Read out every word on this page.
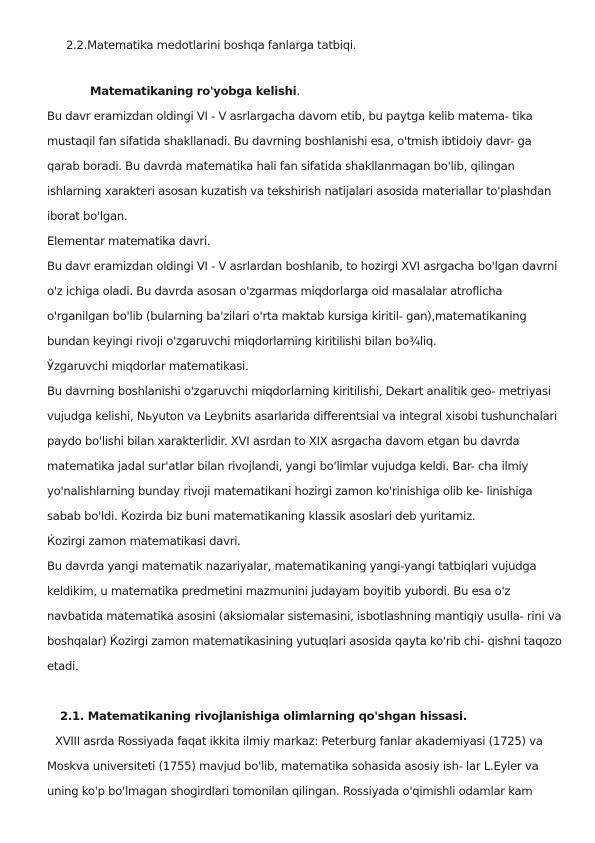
2.2.Matematika medotlarini boshqa fanlarga tatbiqi.
Matematikaning ro'yobga kelishi.
Bu davr eramizdan oldingi VI - V asrlargacha davom etib, bu paytga kelib matema- tika
mustaqil fan sifatida shakllanadi. Bu davrning boshlanishi esa, o'tmish ibtidoiy davr- ga
qarab boradi. Bu davrda matematika hali fan sifatida shakllanmagan bo'lib, qilingan
ishlarning xarakteri asosan kuzatish va tekshirish natijalari asosida materiallar to'plashdan
iborat bo'lgan.
Elementar matematika davri.
Bu davr eramizdan oldingi VI - V asrlardan boshlanib, to hozirgi XVI asrgacha bo'lgan davrni
o'z ichiga oladi. Bu davrda asosan o'zgarmas miqdorlarga oid masalalar atroflicha
o'rganilgan bo'lib (bularning ba'zilari o'rta maktab kursiga kiritil- gan),matematikaning
bundan keyingi rivoji o'zgaruvchi miqdorlarning kiritilishi bilan bo¾liq.
Ўzgaruvchi miqdorlar matematikasi.
Bu davrning boshlanishi o'zgaruvchi miqdorlarning kiritilishi, Dekart analitik geo- metriyasi
vujudga kelishi, Nьyuton va Leybnits asarlarida differentsial va integral xisobi tushunchalari
paydo bo'lishi bilan xarakterlidir. XVI asrdan to XIX asrgacha davom etgan bu davrda
matematika jadal sur'atlar bilan rivojlandi, yangi bo'limlar vujudga keldi. Bar- cha ilmiy
yo'nalishlarning bunday rivoji matematikani hozirgi zamon ko'rinishiga olib ke- linishiga
sabab bo'ldi. Ќozirda biz buni matematikaning klassik asoslari deb yuritamiz.
Ќozirgi zamon matematikasi davri.
Bu davrda yangi matematik nazariyalar, matematikaning yangi-yangi tatbiqlari vujudga
keldikim, u matematika predmetini mazmunini judayam boyitib yubordi. Bu esa o'z
navbatida matematika asosini (aksiomalar sistemasini, isbotlashning mantiqiy usulla- rini va
boshqalar) Ќozirgi zamon matematikasining yutuqlari asosida qayta ko'rib chi- qishni taqozo
etadi.
2.1. Matematikaning rivojlanishiga olimlarning qo'shgan hissasi.
XVIII asrda Rossiyada faqat ikkita ilmiy markaz: Peterburg fanlar akademiyasi (1725) va
Moskva universiteti (1755) mavjud bo'lib, matematika sohasida asosiy ish- lar L.Eyler va
uning ko'p bo'lmagan shogirdlari tomonilan qilingan. Rossiyada o'qimishli odamlar kam
